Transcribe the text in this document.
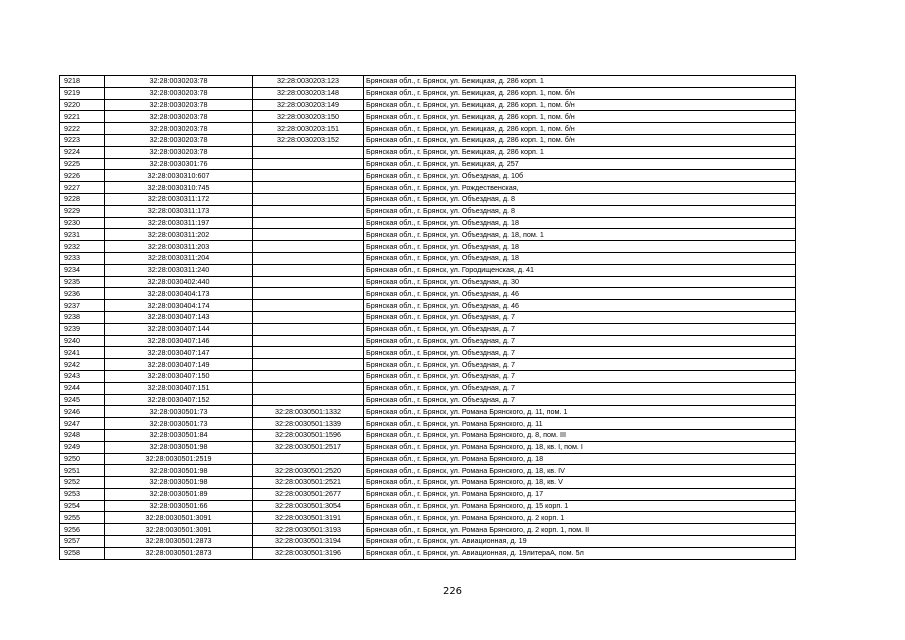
9218	32:28:0030203:78	32:28:0030203:123	Брянская обл., г. Брянск, ул. Бежицкая, д. 286 корп. 1
9219	32:28:0030203:78	32:28:0030203:148	Брянская обл., г. Брянск, ул. Бежицкая, д. 286 корп. 1, пом. б/н
9220	32:28:0030203:78	32:28:0030203:149	Брянская обл., г. Брянск, ул. Бежицкая, д. 286 корп. 1, пом. б/н
9221	32:28:0030203:78	32:28:0030203:150	Брянская обл., г. Брянск, ул. Бежицкая, д. 286 корп. 1, пом. б/н
9222	32:28:0030203:78	32:28:0030203:151	Брянская обл., г. Брянск, ул. Бежицкая, д. 286 корп. 1, пом. б/н
9223	32:28:0030203:78	32:28:0030203:152	Брянская обл., г. Брянск, ул. Бежицкая, д. 286 корп. 1, пом. б/н
9224	32:28:0030203:78		Брянская обл., г. Брянск, ул. Бежицкая, д. 286 корп. 1
9225	32:28:0030301:76		Брянская обл., г. Брянск, ул. Бежицкая, д. 257
9226	32:28:0030310:607		Брянская обл., г. Брянск, ул. Объездная, д. 10б
9227	32:28:0030310:745		Брянская обл., г. Брянск, ул. Рождественская,
9228	32:28:0030311:172		Брянская обл., г. Брянск, ул. Объездная, д. 8
9229	32:28:0030311:173		Брянская обл., г. Брянск, ул. Объездная, д. 8
9230	32:28:0030311:197		Брянская обл., г. Брянск, ул. Объездная, д. 18
9231	32:28:0030311:202		Брянская обл., г. Брянск, ул. Объездная, д. 18, пом. 1
9232	32:28:0030311:203		Брянская обл., г. Брянск, ул. Объездная, д. 18
9233	32:28:0030311:204		Брянская обл., г. Брянск, ул. Объездная, д. 18
9234	32:28:0030311:240		Брянская обл., г. Брянск, ул. Городищенская, д. 41
9235	32:28:0030402:440		Брянская обл., г. Брянск, ул. Объездная, д. 30
9236	32:28:0030404:173		Брянская обл., г. Брянск, ул. Объездная, д. 46
9237	32:28:0030404:174		Брянская обл., г. Брянск, ул. Объездная, д. 46
9238	32:28:0030407:143		Брянская обл., г. Брянск, ул. Объездная, д. 7
9239	32:28:0030407:144		Брянская обл., г. Брянск, ул. Объездная, д. 7
9240	32:28:0030407:146		Брянская обл., г. Брянск, ул. Объездная, д. 7
9241	32:28:0030407:147		Брянская обл., г. Брянск, ул. Объездная, д. 7
9242	32:28:0030407:149		Брянская обл., г. Брянск, ул. Объездная, д. 7
9243	32:28:0030407:150		Брянская обл., г. Брянск, ул. Объездная, д. 7
9244	32:28:0030407:151		Брянская обл., г. Брянск, ул. Объездная, д. 7
9245	32:28:0030407:152		Брянская обл., г. Брянск, ул. Объездная, д. 7
9246	32:28:0030501:73	32:28:0030501:1332	Брянская обл., г. Брянск, ул. Романа Брянского, д. 11, пом. 1
9247	32:28:0030501:73	32:28:0030501:1339	Брянская обл., г. Брянск, ул. Романа Брянского, д. 11
9248	32:28:0030501:84	32:28:0030501:1596	Брянская обл., г. Брянск, ул. Романа Брянского, д. 8, пом. III
9249	32:28:0030501:98	32:28:0030501:2517	Брянская обл., г. Брянск, ул. Романа Брянского, д. 18, кв. I, пом. I
9250	32:28:0030501:2519		Брянская обл., г. Брянск, ул. Романа Брянского, д. 18
9251	32:28:0030501:98	32:28:0030501:2520	Брянская обл., г. Брянск, ул. Романа Брянского, д. 18, кв. IV
9252	32:28:0030501:98	32:28:0030501:2521	Брянская обл., г. Брянск, ул. Романа Брянского, д. 18, кв. V
9253	32:28:0030501:89	32:28:0030501:2677	Брянская обл., г. Брянск, ул. Романа Брянского, д. 17
9254	32:28:0030501:66	32:28:0030501:3054	Брянская обл., г. Брянск, ул. Романа Брянского, д. 15 корп. 1
9255	32:28:0030501:3091	32:28:0030501:3191	Брянская обл., г. Брянск, ул. Романа Брянского, д. 2 корп. 1
9256	32:28:0030501:3091	32:28:0030501:3193	Брянская обл., г. Брянск, ул. Романа Брянского, д. 2 корп. 1, пом. II
9257	32:28:0030501:2873	32:28:0030501:3194	Брянская обл., г. Брянск, ул. Авиационная, д. 19
9258	32:28:0030501:2873	32:28:0030501:3196	Брянская обл., г. Брянск, ул. Авиационная, д. 19литераА, пом. 5л
226
